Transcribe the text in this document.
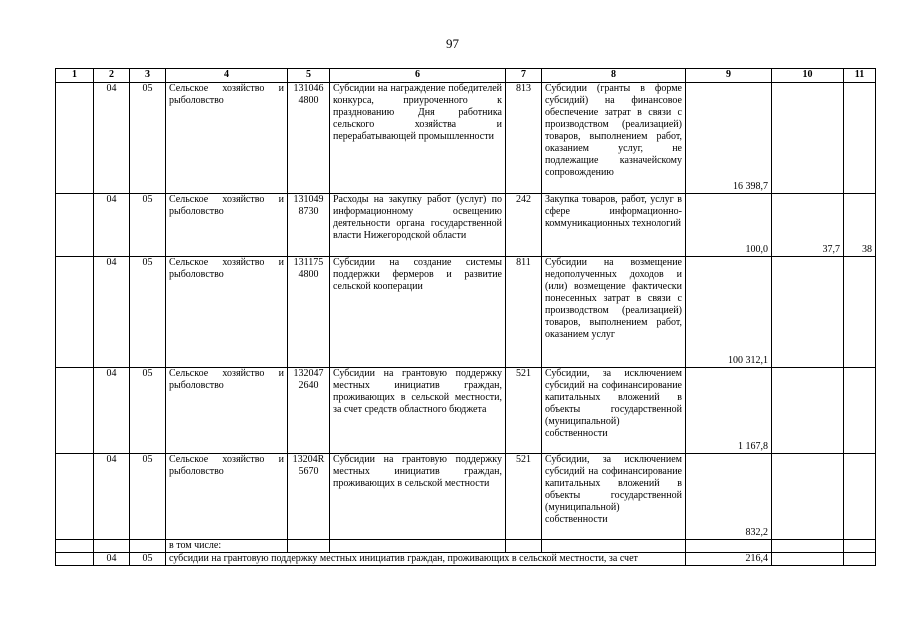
97
1	2	3	4	5	6	7	8	9	10	11
	04	05	Сельское хозяйство и рыболовство	131046 4800	Субсидии на награждение победителей конкурса, приуроченного к празднованию Дня работника сельского хозяйства и перерабатывающей промышленности	813	Субсидии (гранты в форме субсидий) на финансовое обеспечение затрат в связи с производством (реализацией) товаров, выполнением работ, оказанием услуг, не подлежащие казначейскому сопровождению	16 398,7		
	04	05	Сельское хозяйство и рыболовство	131049 8730	Расходы на закупку работ (услуг) по информационному освещению деятельности органа государственной власти Нижегородской области	242	Закупка товаров, работ, услуг в сфере информационно-коммуникационных технологий	100,0	37,7	38
	04	05	Сельское хозяйство и рыболовство	131175 4800	Субсидии на создание системы поддержки фермеров и развитие сельской кооперации	811	Субсидии на возмещение недополученных доходов и (или) возмещение фактически понесенных затрат в связи с производством (реализацией) товаров, выполнением работ, оказанием услуг	100 312,1		
	04	05	Сельское хозяйство и рыболовство	132047 2640	Субсидии на грантовую поддержку местных инициатив граждан, проживающих в сельской местности, за счет средств областного бюджета	521	Субсидии, за исключением субсидий на софинансирование капитальных вложений в объекты государственной (муниципальной) собственности	1 167,8		
	04	05	Сельское хозяйство и рыболовство	13204R 5670	Субсидии на грантовую поддержку местных инициатив граждан, проживающих в сельской местности	521	Субсидии, за исключением субсидий на софинансирование капитальных вложений в объекты государственной (муниципальной) собственности	832,2		
			в том числе:							
	04	05	субсидии на грантовую поддержку местных инициатив граждан, проживающих в сельской местности, за счет					216,4		
